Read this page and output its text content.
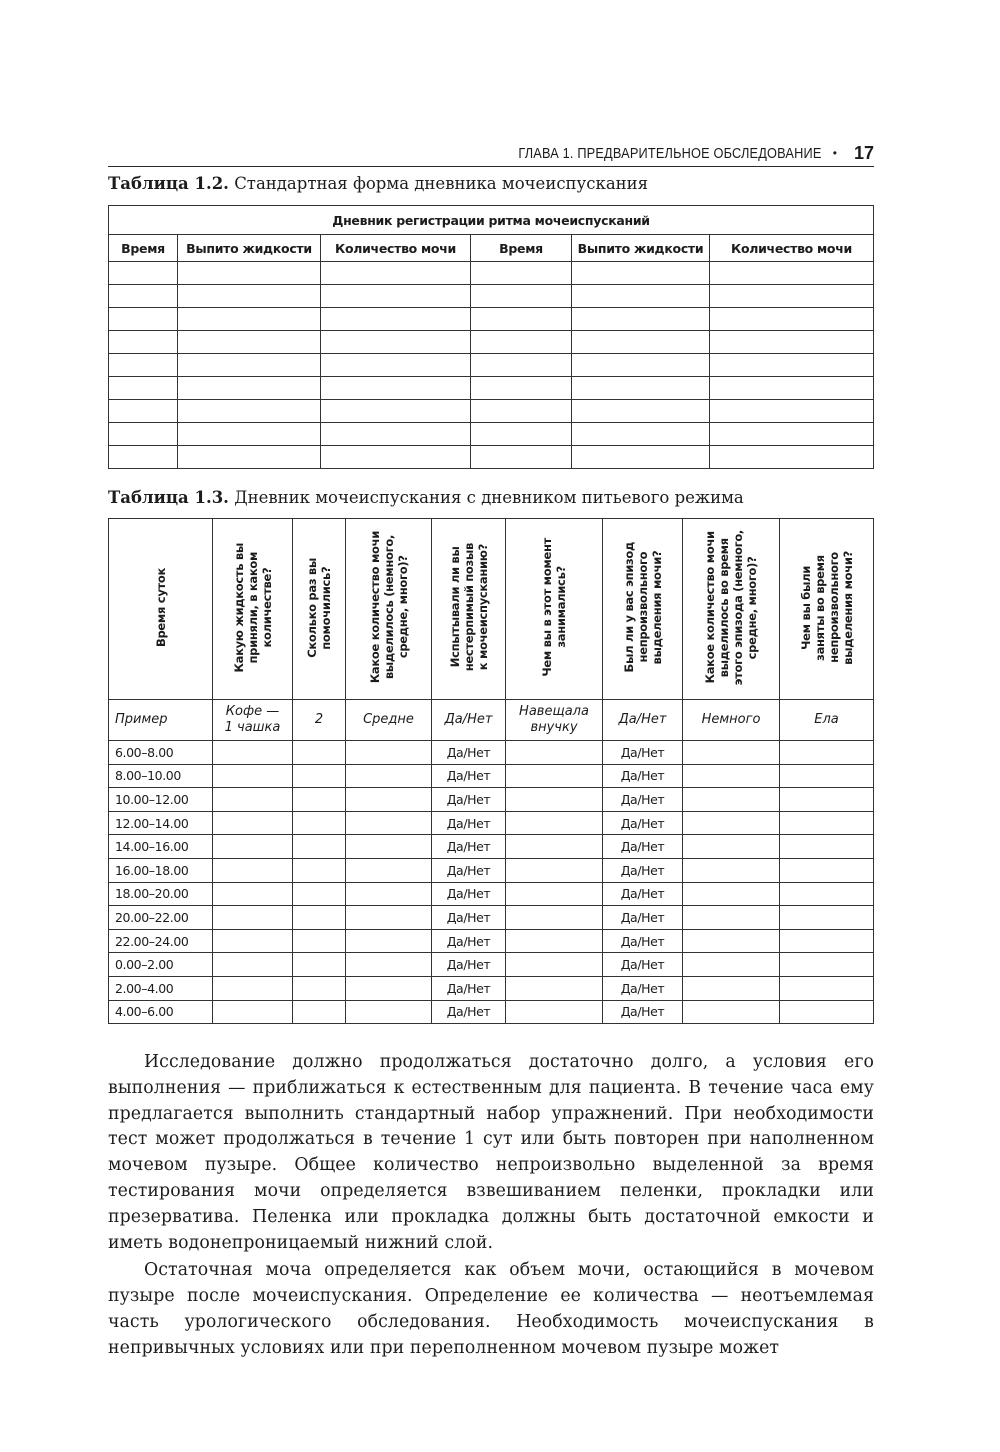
ГЛАВА 1. ПРЕДВАРИТЕЛЬНОЕ ОБСЛЕДОВАНИЕ • 17
Таблица 1.2. Стандартная форма дневника мочеиспускания
Дневник регистрации ритма мочеиспусканий					
Время	Выпито жидкости	Количество мочи	Время	Выпито жидкости	Количество мочи

Таблица 1.3. Дневник мочеиспускания с дневником питьевого режима
Время суток	Какую жидкость вы
приняли, в каком
количестве?	Сколько раз вы
помочились?	Какое количество мочи
выделилось (немного,
средне, много)?	Испытывали ли вы
нестерпимый позыв
к мочеиспусканию?	Чем вы в этот момент
занимались?	Был ли у вас эпизод
непроизвольного
выделения мочи?	Какое количество мочи
выделилось во время
этого эпизода (немного,
средне, много)?	Чем вы были
заняты во время
непроизвольного
выделения мочи?
Пример	Кофе —
1 чашка	2	Средне	Да/Нет	Навещала
внучку	Да/Нет	Немного	Ела
6.00–8.00				Да/Нет		Да/Нет		
8.00–10.00				Да/Нет		Да/Нет		
10.00–12.00				Да/Нет		Да/Нет		
12.00–14.00				Да/Нет		Да/Нет		
14.00–16.00				Да/Нет		Да/Нет		
16.00–18.00				Да/Нет		Да/Нет		
18.00–20.00				Да/Нет		Да/Нет		
20.00–22.00				Да/Нет		Да/Нет		
22.00–24.00				Да/Нет		Да/Нет		
0.00–2.00				Да/Нет		Да/Нет		
2.00–4.00				Да/Нет		Да/Нет		
4.00–6.00				Да/Нет		Да/Нет		

Исследование должно продолжаться достаточно долго, а условия его выполнения — приближаться к естественным для пациента. В течение часа ему предлагается выполнить стандартный набор упражнений. При необходимости тест может продолжаться в течение 1 сут или быть повторен при наполненном мочевом пузыре. Общее количество непроизвольно выделенной за время тестирования мочи определяется взвешиванием пеленки, прокладки или презерватива. Пеленка или прокладка должны быть достаточной емкости и иметь водонепроницаемый нижний слой.

Остаточная моча определяется как объем мочи, остающийся в мочевом пузыре после мочеиспускания. Определение ее количества — неотъемлемая часть урологического обследования. Необходимость мочеиспускания в непривычных условиях или при переполненном мочевом пузыре может
